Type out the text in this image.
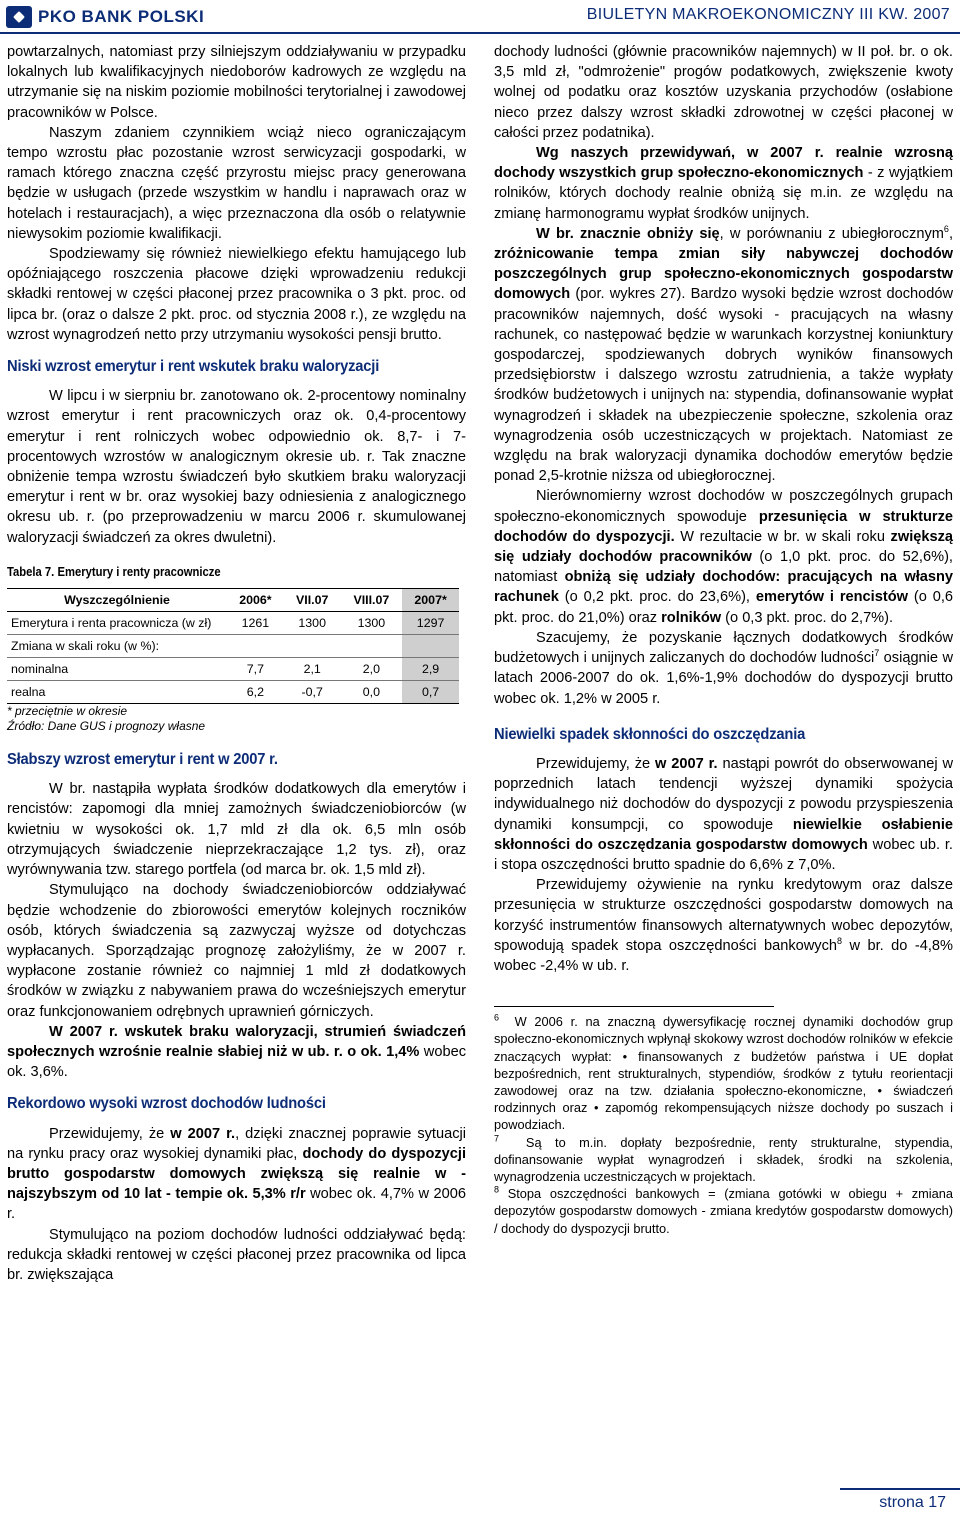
PKO BANK POLSKI	BIULETYN MAKROEKONOMICZNY III KW. 2007

powtarzalnych, natomiast przy silniejszym oddziaływaniu w przypadku lokalnych lub kwalifikacyjnych niedoborów kadrowych ze względu na utrzymanie się na niskim poziomie mobilności terytorialnej i zawodowej pracowników w Polsce.

Naszym zdaniem czynnikiem wciąż nieco ograniczającym tempo wzrostu płac pozostanie wzrost serwicyzacji gospodarki, w ramach którego znaczna część przyrostu miejsc pracy generowana będzie w usługach (przede wszystkim w handlu i naprawach oraz w hotelach i restauracjach), a więc przeznaczona dla osób o relatywnie niewysokim poziomie kwalifikacji.

Spodziewamy się również niewielkiego efektu hamującego lub opóźniającego roszczenia płacowe dzięki wprowadzeniu redukcji składki rentowej w części płaconej przez pracownika o 3 pkt. proc. od lipca br. (oraz o dalsze 2 pkt. proc. od stycznia 2008 r.), ze względu na wzrost wynagrodzeń netto przy utrzymaniu wysokości pensji brutto.

Niski wzrost emerytur i rent wskutek braku waloryzacji

W lipcu i w sierpniu br. zanotowano ok. 2-procentowy nominalny wzrost emerytur i rent pracowniczych oraz ok. 0,4-procentowy emerytur i rent rolniczych wobec odpowiednio ok. 8,7- i 7-procentowych wzrostów w analogicznym okresie ub. r. Tak znaczne obniżenie tempa wzrostu świadczeń było skutkiem braku waloryzacji emerytur i rent w br. oraz wysokiej bazy odniesienia z analogicznego okresu ub. r. (po przeprowadzeniu w marcu 2006 r. skumulowanej waloryzacji świadczeń za okres dwuletni).

Tabela 7. Emerytury i renty pracownicze
Wyszczególnienie	2006*	VII.07	VIII.07	2007*
Emerytura i renta pracownicza (w zł)	1261	1300	1300	1297
Zmiana w skali roku (w %):				
nominalna	7,7	2,1	2,0	2,9
realna	6,2	-0,7	0,0	0,7
* przeciętnie w okresie
Źródło: Dane GUS i prognozy własne
Słabszy wzrost emerytur i rent w 2007 r.

W br. nastąpiła wypłata środków dodatkowych dla emerytów i rencistów: zapomogi dla mniej zamożnych świadczeniobiorców (w kwietniu w wysokości ok. 1,7 mld zł dla ok. 6,5 mln osób otrzymujących świadczenie nieprzekraczające 1,2 tys. zł), oraz wyrównywania tzw. starego portfela (od marca br. ok. 1,5 mld zł).

Stymulująco na dochody świadczeniobiorców oddziaływać będzie wchodzenie do zbiorowości emerytów kolejnych roczników osób, których świadczenia są zazwyczaj wyższe od dotychczas wypłacanych. Sporządzając prognozę założyliśmy, że w 2007 r. wypłacone zostanie również co najmniej 1 mld zł dodatkowych środków w związku z nabywaniem prawa do wcześniejszych emerytur oraz funkcjonowaniem odrębnych uprawnień górniczych.

W 2007 r. wskutek braku waloryzacji, strumień świadczeń społecznych wzrośnie realnie słabiej niż w ub. r. o ok. 1,4% wobec ok. 3,6%.

Rekordowo wysoki wzrost dochodów ludności

Przewidujemy, że w 2007 r., dzięki znacznej poprawie sytuacji na rynku pracy oraz wysokiej dynamiki płac, dochody do dyspozycji brutto gospodarstw domowych zwiększą się realnie w - najszybszym od 10 lat - tempie ok. 5,3% r/r wobec ok. 4,7% w 2006 r.

Stymulująco na poziom dochodów ludności oddziaływać będą: redukcja składki rentowej w części płaconej przez pracownika od lipca br. zwiększająca

dochody ludności (głównie pracowników najemnych) w II poł. br. o ok. 3,5 mld zł, "odmrożenie" progów podatkowych, zwiększenie kwoty wolnej od podatku oraz kosztów uzyskania przychodów (osłabione nieco przez dalszy wzrost składki zdrowotnej w części płaconej w całości przez podatnika).

Wg naszych przewidywań, w 2007 r. realnie wzrosną dochody wszystkich grup społeczno-ekonomicznych - z wyjątkiem rolników, których dochody realnie obniżą się m.in. ze względu na zmianę harmonogramu wypłat środków unijnych.

W br. znacznie obniży się, w porównaniu z ubiegłorocznym$^6$, zróżnicowanie tempa zmian siły nabywczej dochodów poszczególnych grup społeczno-ekonomicznych gospodarstw domowych (por. wykres 27). Bardzo wysoki będzie wzrost dochodów pracowników najemnych, dość wysoki - pracujących na własny rachunek, co następować będzie w warunkach korzystnej koniunktury gospodarczej, spodziewanych dobrych wyników finansowych przedsiębiorstw i dalszego wzrostu zatrudnienia, a także wypłaty środków budżetowych i unijnych na: stypendia, dofinansowanie wypłat wynagrodzeń i składek na ubezpieczenie społeczne, szkolenia oraz wynagrodzenia osób uczestniczących w projektach. Natomiast ze względu na brak waloryzacji dynamika dochodów emerytów będzie ponad 2,5-krotnie niższa od ubiegłorocznej.

Nierównomierny wzrost dochodów w poszczególnych grupach społeczno-ekonomicznych spowoduje przesunięcia w strukturze dochodów do dyspozycji. W rezultacie w br. w skali roku zwiększą się udziały dochodów pracowników (o 1,0 pkt. proc. do 52,6%), natomiast obniżą się udziały dochodów: pracujących na własny rachunek (o 0,2 pkt. proc. do 23,6%), emerytów i rencistów (o 0,6 pkt. proc. do 21,0%) oraz rolników (o 0,3 pkt. proc. do 2,7%).

Szacujemy, że pozyskanie łącznych dodatkowych środków budżetowych i unijnych zaliczanych do dochodów ludności$^7$ osiągnie w latach 2006-2007 do ok. 1,6%-1,9% dochodów do dyspozycji brutto wobec ok. 1,2% w 2005 r.

Niewielki spadek skłonności do oszczędzania

Przewidujemy, że w 2007 r. nastąpi powrót do obserwowanej w poprzednich latach tendencji wyższej dynamiki spożycia indywidualnego niż dochodów do dyspozycji z powodu przyspieszenia dynamiki konsumpcji, co spowoduje niewielkie osłabienie skłonności do oszczędzania gospodarstw domowych wobec ub. r. i stopa oszczędności brutto spadnie do 6,6% z 7,0%.

Przewidujemy ożywienie na rynku kredytowym oraz dalsze przesunięcia w strukturze oszczędności gospodarstw domowych na korzyść instrumentów finansowych alternatywnych wobec depozytów, spowodują spadek stopa oszczędności bankowych$^8$ w br. do -4,8% wobec -2,4% w ub. r.

$^6$ W 2006 r. na znaczną dywersyfikację rocznej dynamiki dochodów grup społeczno-ekonomicznych wpłynął skokowy wzrost dochodów rolników w efekcie znaczących wypłat: • finansowanych z budżetów państwa i UE dopłat bezpośrednich, rent strukturalnych, stypendiów, środków z tytułu reorientacji zawodowej oraz na tzw. działania społeczno-ekonomiczne, • świadczeń rodzinnych oraz • zapomóg rekompensujących niższe dochody po suszach i powodziach.

$^7$ Są to m.in. dopłaty bezpośrednie, renty strukturalne, stypendia, dofinansowanie wypłat wynagrodzeń i składek, środki na szkolenia, wynagrodzenia uczestniczących w projektach.

$^8$ Stopa oszczędności bankowych = (zmiana gotówki w obiegu + zmiana depozytów gospodarstw domowych - zmiana kredytów gospodarstw domowych) / dochody do dyspozycji brutto.

strona 17
